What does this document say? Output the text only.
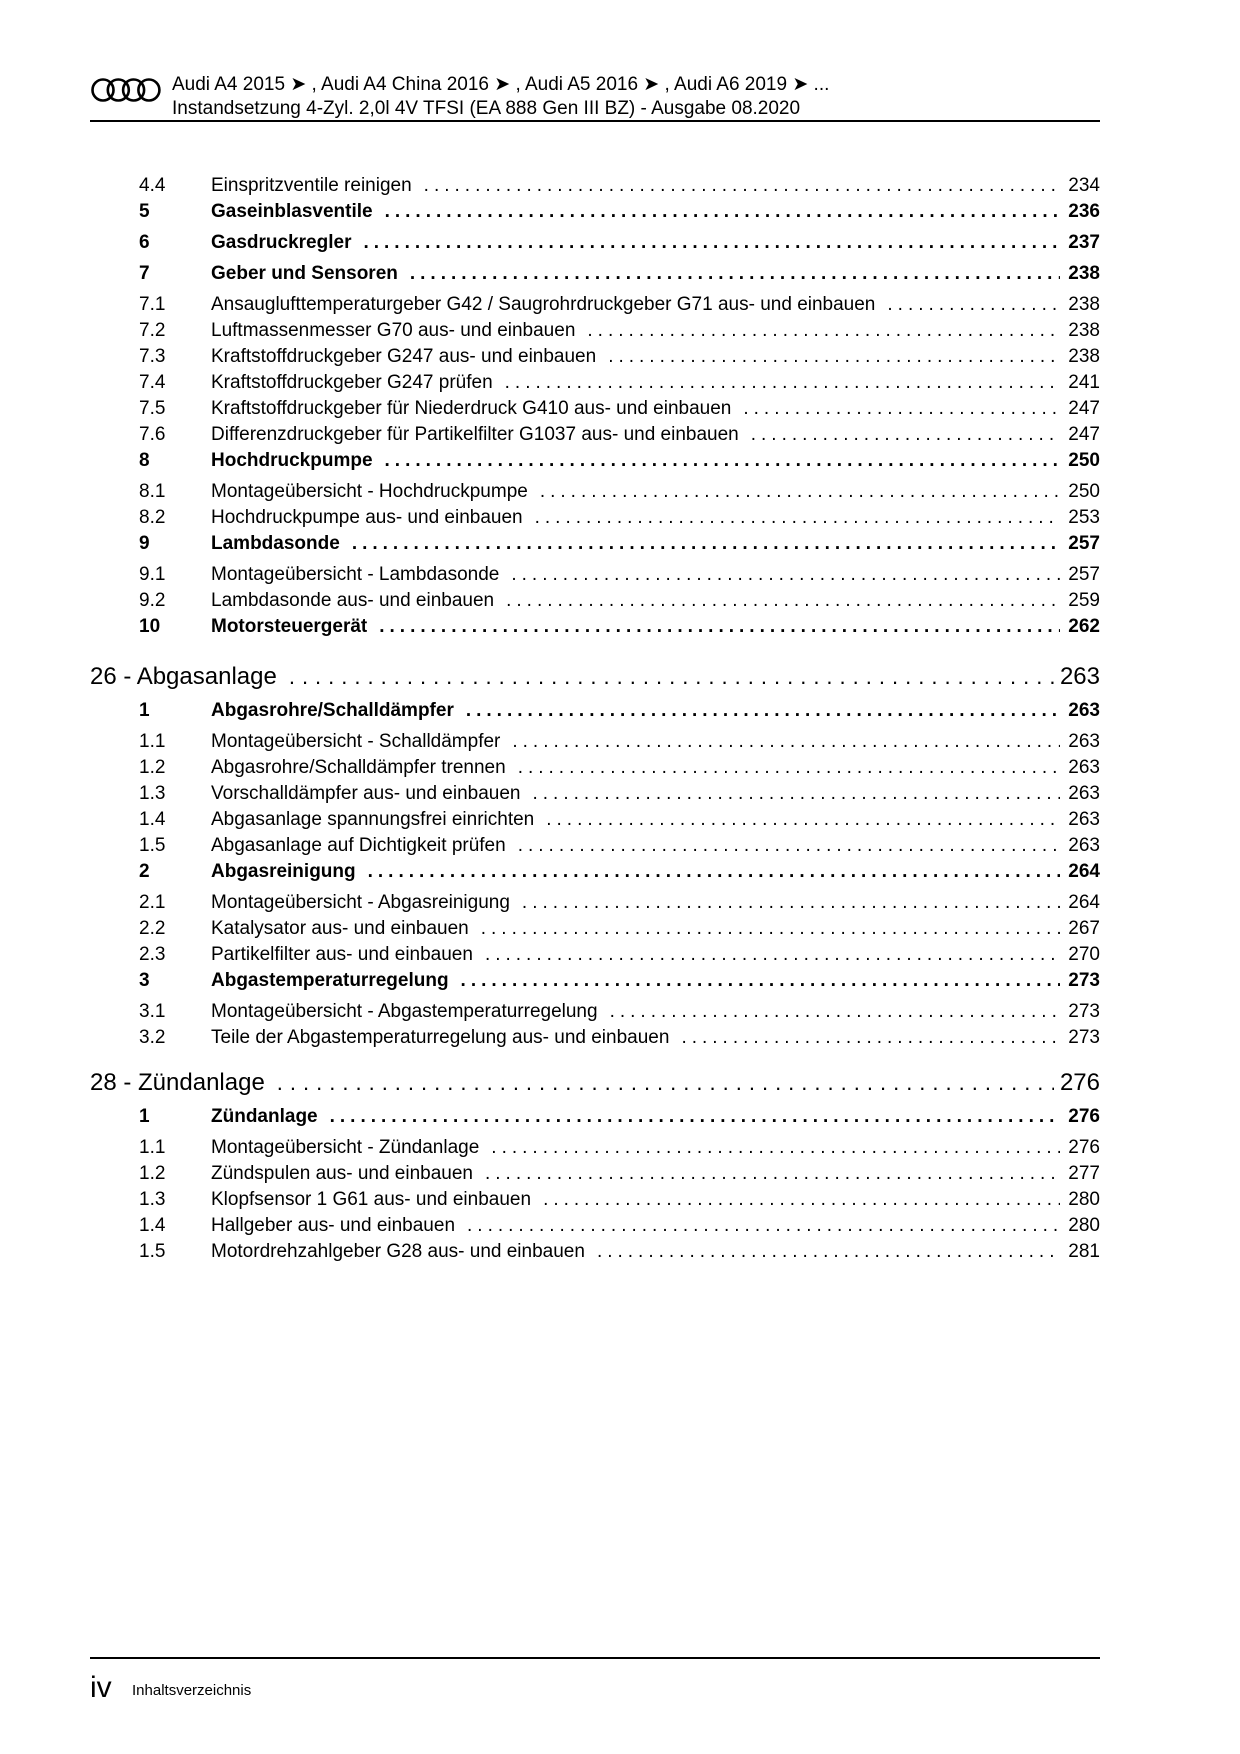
Audi A4 2015 ➤ , Audi A4 China 2016 ➤ , Audi A5 2016 ➤ , Audi A6 2019 ➤ ...
Instandsetzung 4-Zyl. 2,0l 4V TFSI (EA 888 Gen III BZ) - Ausgabe 08.2020
4.4	Einspritzventile reinigen .....	234
5	Gaseinblasventile .....	236
6	Gasdruckregler .....	237
7	Geber und Sensoren .....	238
7.1	Ansauglufttemperaturgeber G42 / Saugrohrdruckgeber G71 aus- und einbauen .....	238
7.2	Luftmassenmesser G70 aus- und einbauen .....	238
7.3	Kraftstoffdruckgeber G247 aus- und einbauen .....	238
7.4	Kraftstoffdruckgeber G247 prüfen .....	241
7.5	Kraftstoffdruckgeber für Niederdruck G410 aus- und einbauen .....	247
7.6	Differenzdruckgeber für Partikelfilter G1037 aus- und einbauen .....	247
8	Hochdruckpumpe .....	250
8.1	Montageübersicht - Hochdruckpumpe .....	250
8.2	Hochdruckpumpe aus- und einbauen .....	253
9	Lambdasonde .....	257
9.1	Montageübersicht - Lambdasonde .....	257
9.2	Lambdasonde aus- und einbauen .....	259
10	Motorsteuergerät .....	262
26 - Abgasanlage .....	263
1	Abgasrohre/Schalldämpfer .....	263
1.1	Montageübersicht - Schalldämpfer .....	263
1.2	Abgasrohre/Schalldämpfer trennen .....	263
1.3	Vorschalldämpfer aus- und einbauen .....	263
1.4	Abgasanlage spannungsfrei einrichten .....	263
1.5	Abgasanlage auf Dichtigkeit prüfen .....	263
2	Abgasreinigung .....	264
2.1	Montageübersicht - Abgasreinigung .....	264
2.2	Katalysator aus- und einbauen .....	267
2.3	Partikelfilter aus- und einbauen .....	270
3	Abgastemperaturregelung .....	273
3.1	Montageübersicht - Abgastemperaturregelung .....	273
3.2	Teile der Abgastemperaturregelung aus- und einbauen .....	273
28 - Zündanlage .....	276
1	Zündanlage .....	276
1.1	Montageübersicht - Zündanlage .....	276
1.2	Zündspulen aus- und einbauen .....	277
1.3	Klopfsensor 1 G61 aus- und einbauen .....	280
1.4	Hallgeber aus- und einbauen .....	280
1.5	Motordrehzahlgeber G28 aus- und einbauen .....	281
iv Inhaltsverzeichnis
